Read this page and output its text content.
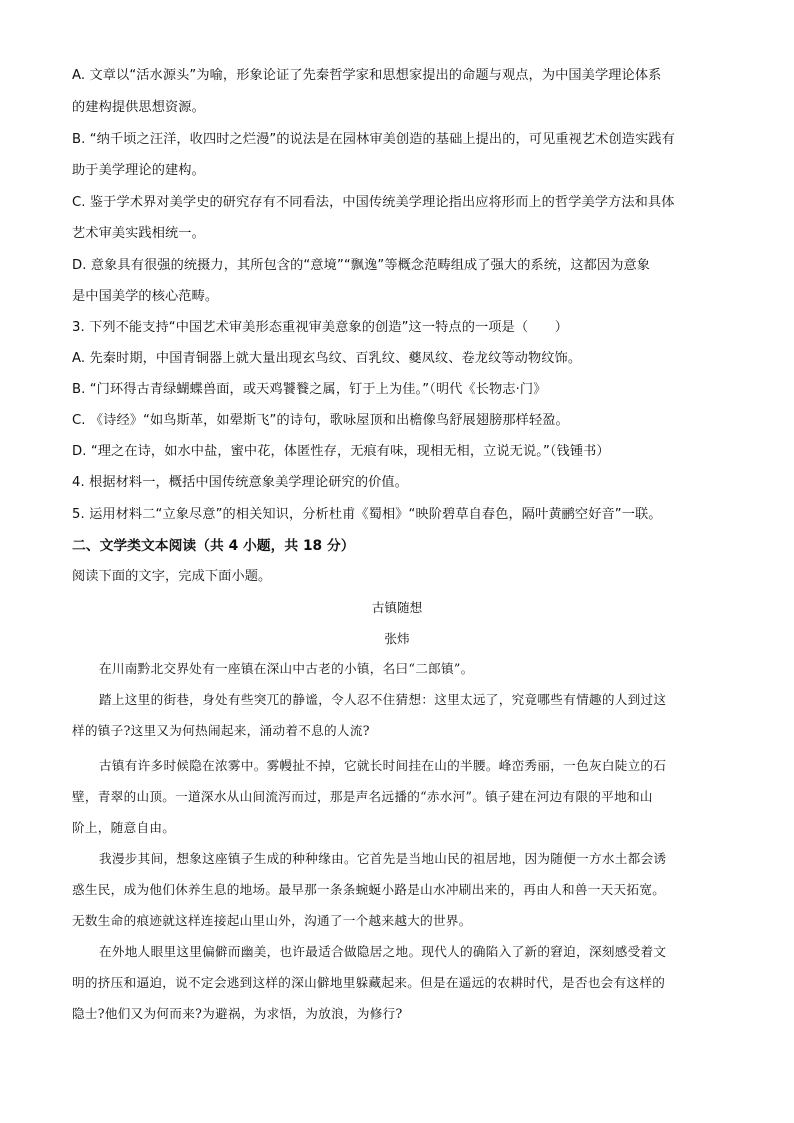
A. 文章以“活水源头”为喻，形象论证了先秦哲学家和思想家提出的命题与观点，为中国美学理论体系
的建构提供思想资源。
B. “纳千顷之汪洋，收四时之烂漫”的说法是在园林审美创造的基础上提出的，可见重视艺术创造实践有
助于美学理论的建构。
C. 鉴于学术界对美学史的研究存有不同看法，中国传统美学理论指出应将形而上的哲学美学方法和具体
艺术审美实践相统一。
D. 意象具有很强的统摄力，其所包含的“意境”“飘逸”等概念范畴组成了强大的系统，这都因为意象
是中国美学的核心范畴。
3. 下列不能支持“中国艺术审美形态重视审美意象的创造”这一特点的一项是（　　）
A. 先秦时期，中国青铜器上就大量出现玄鸟纹、百乳纹、夔凤纹、卷龙纹等动物纹饰。
B. “门环得古青绿蝴蝶兽面，或天鸡饕餮之属，钉于上为佳。”（明代《长物志·门》
C. 《诗经》“如鸟斯革，如翚斯飞”的诗句，歌咏屋顶和出檐像鸟舒展翅膀那样轻盈。
D. “理之在诗，如水中盐，蜜中花，体匿性存，无痕有味，现相无相，立说无说。”（钱锺书）
4. 根据材料一，概括中国传统意象美学理论研究的价值。
5. 运用材料二“立象尽意”的相关知识，分析杜甫《蜀相》“映阶碧草自春色，隔叶黄鹂空好音”一联。
二、文学类文本阅读（共 4 小题，共 18 分）
阅读下面的文字，完成下面小题。
古镇随想
张炜
在川南黔北交界处有一座镇在深山中古老的小镇，名曰“二郎镇”。
踏上这里的街巷，身处有些突兀的静谧，令人忍不住猜想：这里太远了，究竟哪些有情趣的人到过这
样的镇子?这里又为何热闹起来，涌动着不息的人流?
古镇有许多时候隐在浓雾中。雾幔扯不掉，它就长时间挂在山的半腰。峰峦秀丽，一色灰白陡立的石
壁，青翠的山顶。一道深水从山间流泻而过，那是声名远播的“赤水河”。镇子建在河边有限的平地和山
阶上，随意自由。
我漫步其间，想象这座镇子生成的种种缘由。它首先是当地山民的祖居地，因为随便一方水土都会诱
惑生民，成为他们休养生息的地场。最早那一条条蜿蜒小路是山水冲刷出来的，再由人和兽一天天拓宽。
无数生命的痕迹就这样连接起山里山外，沟通了一个越来越大的世界。
在外地人眼里这里偏僻而幽美，也许最适合做隐居之地。现代人的确陷入了新的窘迫，深刻感受着文
明的挤压和逼迫，说不定会逃到这样的深山僻地里躲藏起来。但是在遥远的农耕时代，是否也会有这样的
隐士?他们又为何而来?为避祸，为求悟，为放浪，为修行?
